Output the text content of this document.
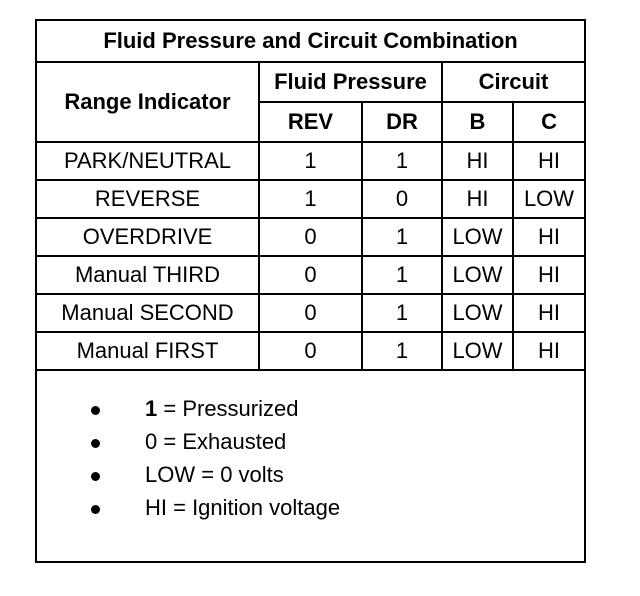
Fluid Pressure and Circuit Combination				
Range Indicator	Fluid Pressure		Circuit	
	REV	DR	B	C
PARK/NEUTRAL	1	1	HI	HI
REVERSE	1	0	HI	LOW
OVERDRIVE	0	1	LOW	HI
Manual THIRD	0	1	LOW	HI
Manual SECOND	0	1	LOW	HI
Manual FIRST	0	1	LOW	HI
1 = Pressurized
0 = Exhausted
LOW = 0 volts
HI = Ignition voltage
